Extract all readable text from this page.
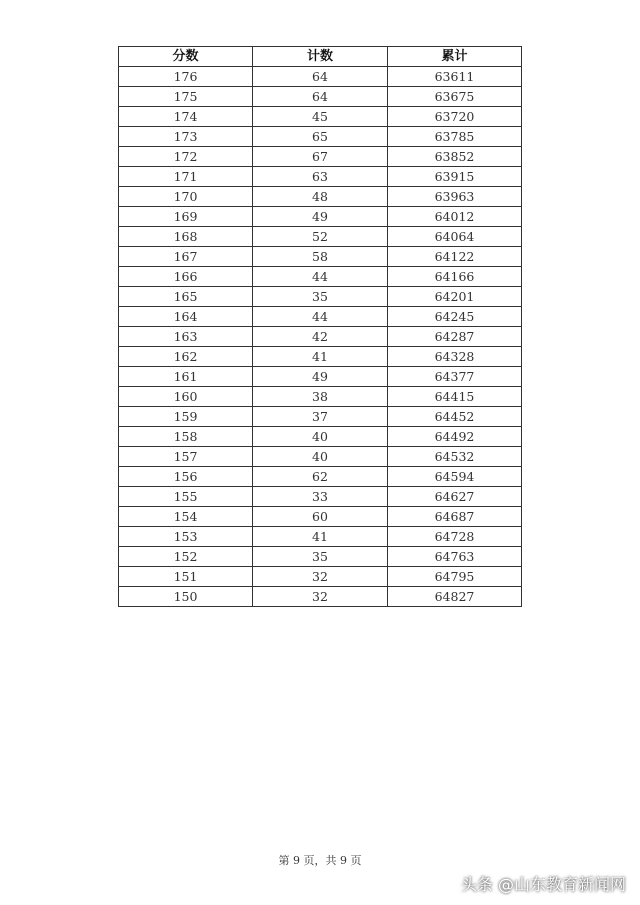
分数	计数	累计
176	64	63611
175	64	63675
174	45	63720
173	65	63785
172	67	63852
171	63	63915
170	48	63963
169	49	64012
168	52	64064
167	58	64122
166	44	64166
165	35	64201
164	44	64245
163	42	64287
162	41	64328
161	49	64377
160	38	64415
159	37	64452
158	40	64492
157	40	64532
156	62	64594
155	33	64627
154	60	64687
153	41	64728
152	35	64763
151	32	64795
150	32	64827
第 9 页，共 9 页
头条 @山东教育新闻网
